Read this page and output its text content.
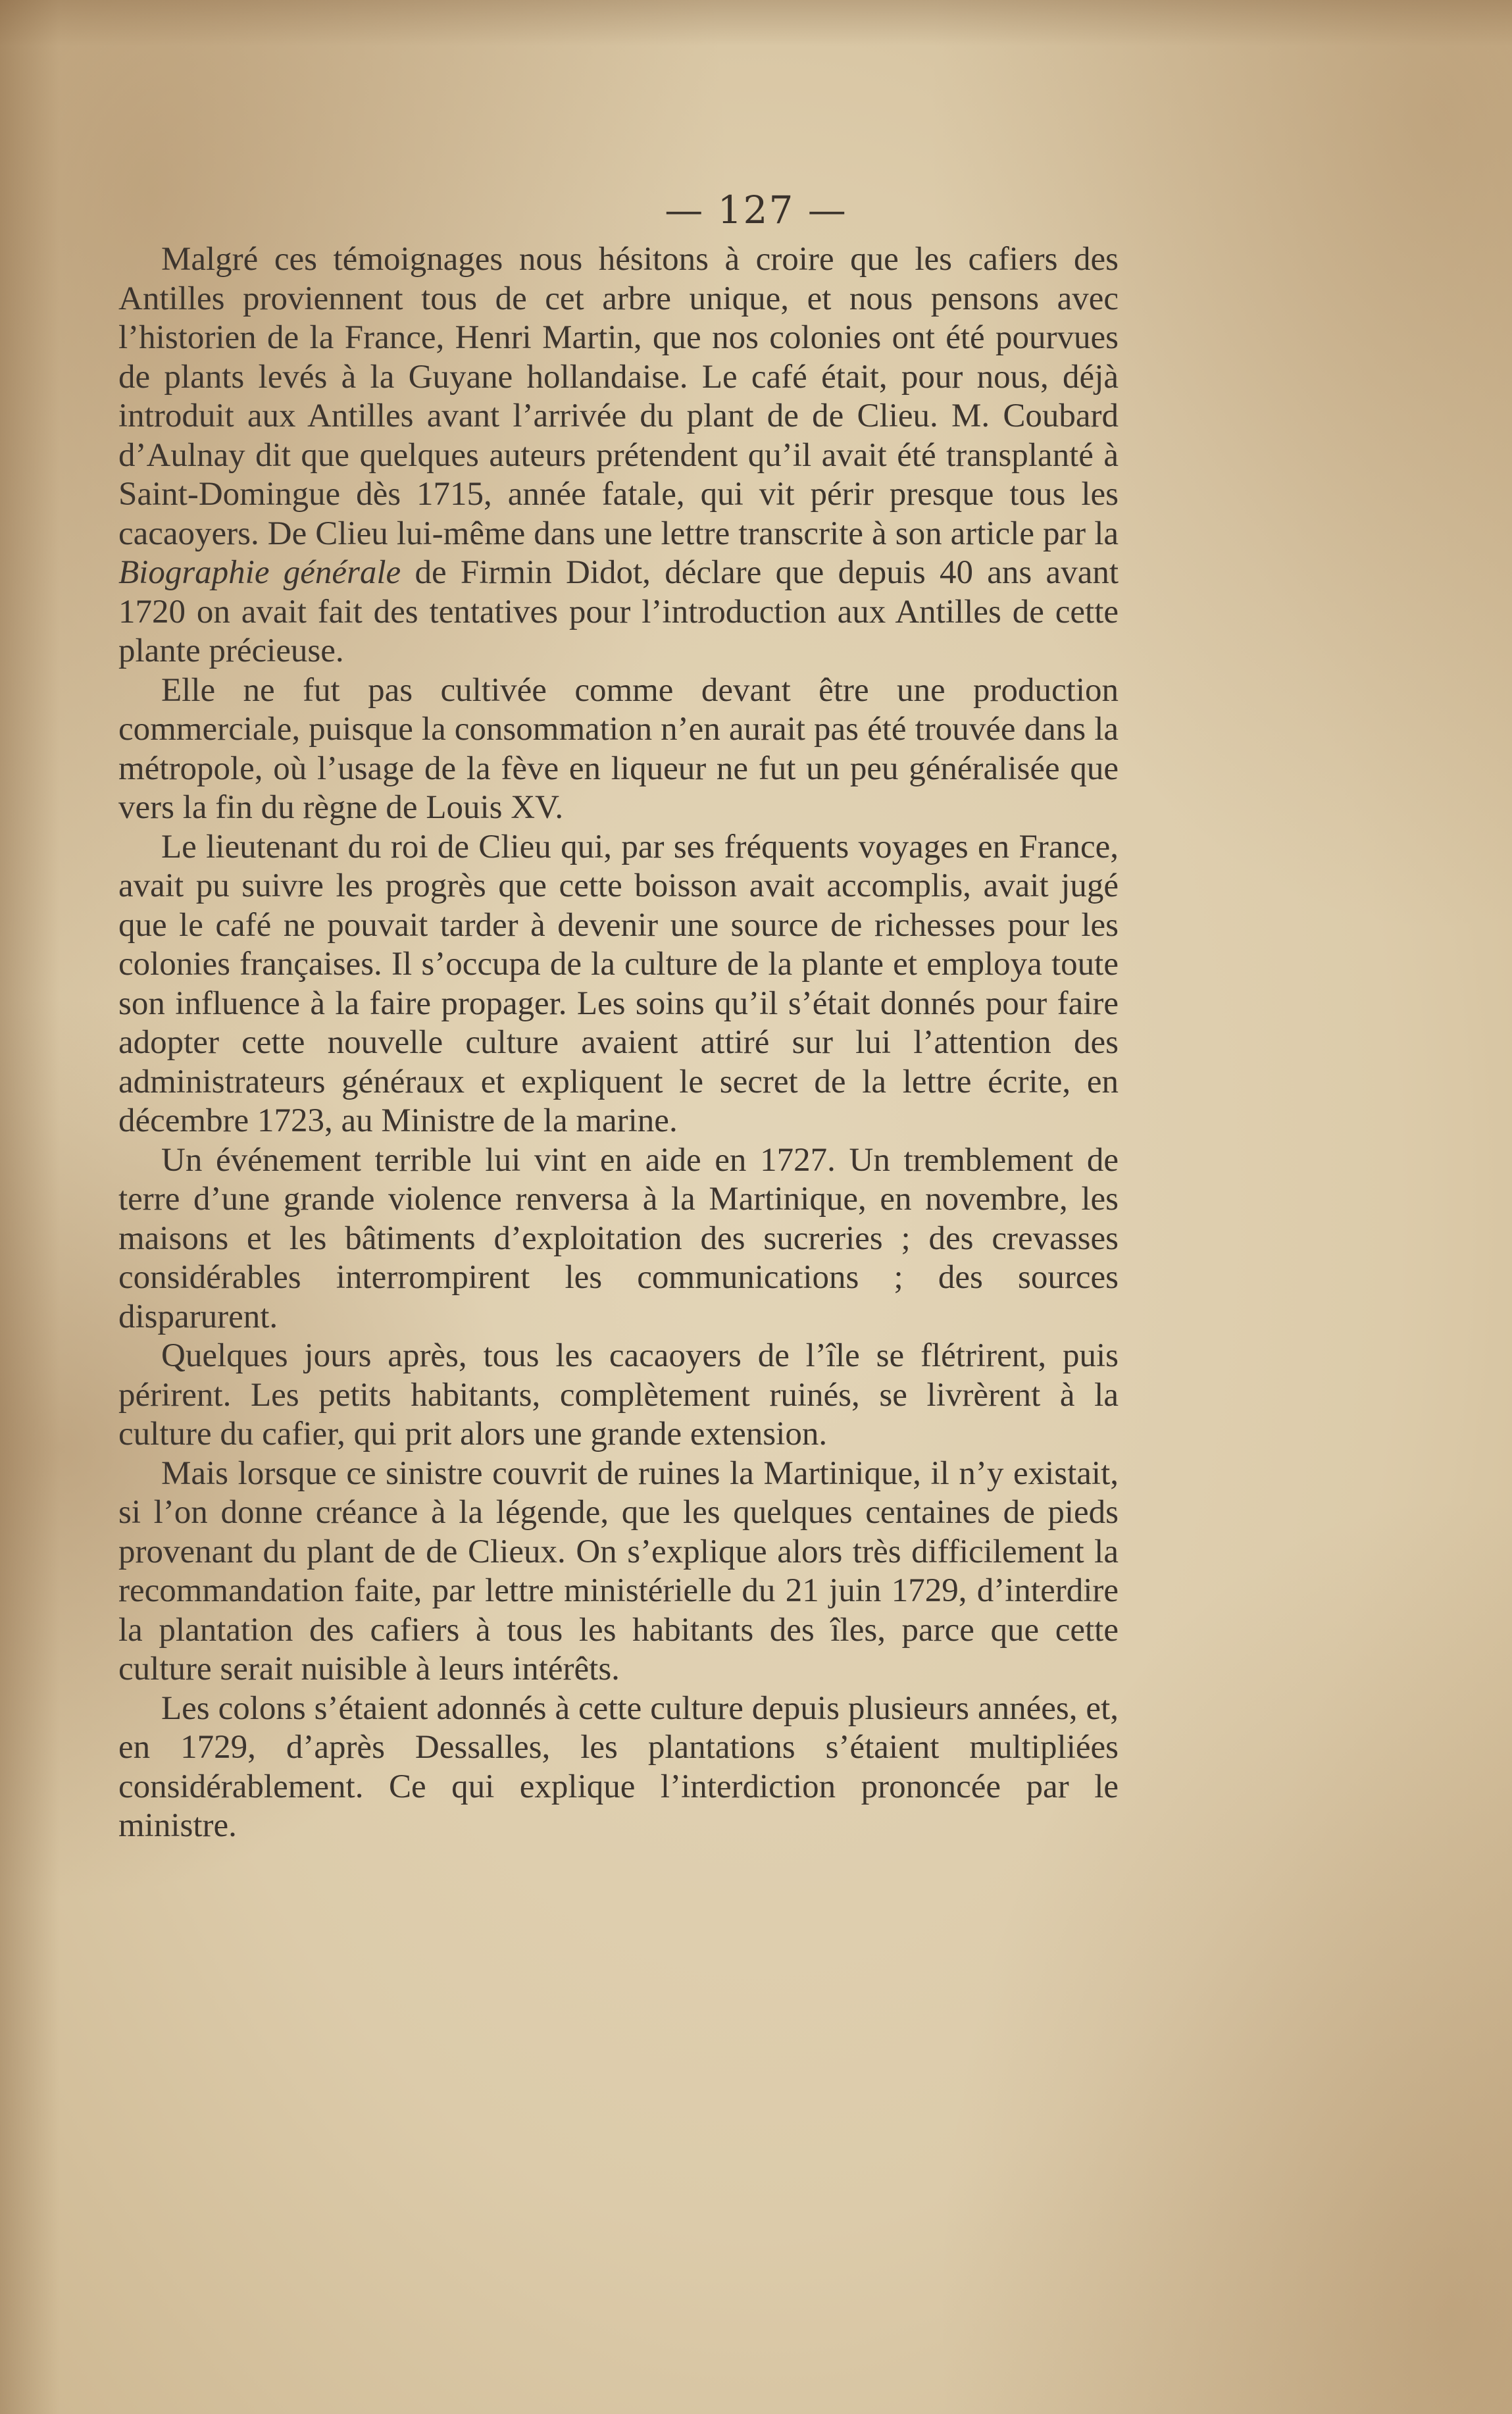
— 127 —

Malgré ces témoignages nous hésitons à croire que les cafiers des Antilles proviennent tous de cet arbre unique, et nous pensons avec l’historien de la France, Henri Martin, que nos colonies ont été pourvues de plants levés à la Guyane hollandaise. Le café était, pour nous, déjà introduit aux Antilles avant l’arrivée du plant de de Clieu. M. Coubard d’Aulnay dit que quelques auteurs prétendent qu’il avait été transplanté à Saint-Domingue dès 1715, année fatale, qui vit périr presque tous les cacaoyers. De Clieu lui-même dans une lettre transcrite à son article par la Biographie générale de Firmin Didot, déclare que depuis 40 ans avant 1720 on avait fait des tentatives pour l’introduction aux Antilles de cette plante précieuse.

Elle ne fut pas cultivée comme devant être une production commerciale, puisque la consommation n’en aurait pas été trouvée dans la métropole, où l’usage de la fève en liqueur ne fut un peu généralisée que vers la fin du règne de Louis XV.

Le lieutenant du roi de Clieu qui, par ses fréquents voyages en France, avait pu suivre les progrès que cette boisson avait accomplis, avait jugé que le café ne pouvait tarder à devenir une source de richesses pour les colonies françaises. Il s’occupa de la culture de la plante et employa toute son influence à la faire propager. Les soins qu’il s’était donnés pour faire adopter cette nouvelle culture avaient attiré sur lui l’attention des administrateurs généraux et expliquent le secret de la lettre écrite, en décembre 1723, au Ministre de la marine.

Un événement terrible lui vint en aide en 1727. Un tremblement de terre d’une grande violence renversa à la Martinique, en novembre, les maisons et les bâtiments d’exploitation des sucreries ; des crevasses considérables interrompirent les communications ; des sources disparurent.

Quelques jours après, tous les cacaoyers de l’île se flétrirent, puis périrent. Les petits habitants, complètement ruinés, se livrèrent à la culture du cafier, qui prit alors une grande extension.

Mais lorsque ce sinistre couvrit de ruines la Martinique, il n’y existait, si l’on donne créance à la légende, que les quelques centaines de pieds provenant du plant de de Clieux. On s’explique alors très difficilement la recommandation faite, par lettre ministérielle du 21 juin 1729, d’interdire la plantation des cafiers à tous les habitants des îles, parce que cette culture serait nuisible à leurs intérêts.

Les colons s’étaient adonnés à cette culture depuis plusieurs années, et, en 1729, d’après Dessalles, les plantations s’étaient multipliées considérablement. Ce qui explique l’interdiction prononcée par le ministre.
